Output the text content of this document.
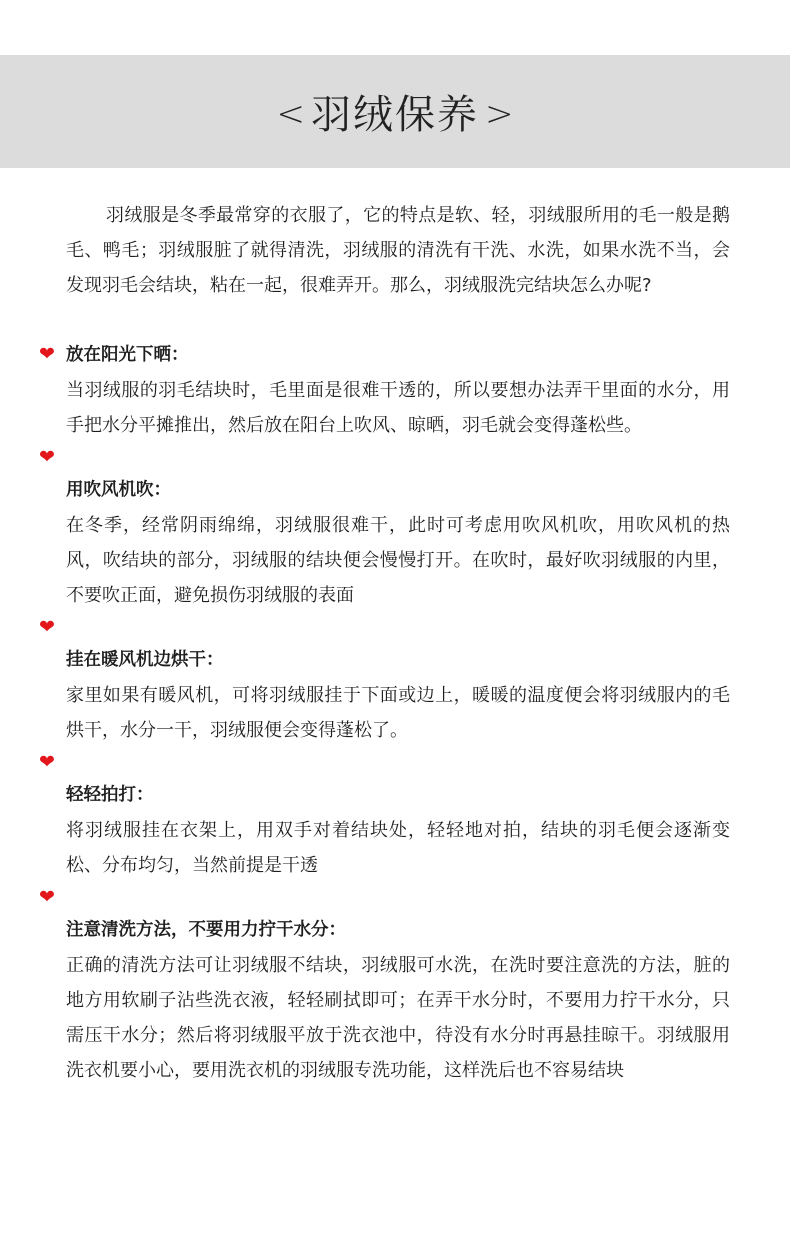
< 羽绒保养 >

羽绒服是冬季最常穿的衣服了，它的特点是软、轻，羽绒服所用的毛一般是鹅毛、鸭毛；羽绒服脏了就得清洗，羽绒服的清洗有干洗、水洗，如果水洗不当，会发现羽毛会结块，粘在一起，很难弄开。那么，羽绒服洗完结块怎么办呢?

❤ 放在阳光下晒：

当羽绒服的羽毛结块时，毛里面是很难干透的，所以要想办法弄干里面的水分，用手把水分平摊推出，然后放在阳台上吹风、晾晒，羽毛就会变得蓬松些。

❤

用吹风机吹：

在冬季，经常阴雨绵绵，羽绒服很难干，此时可考虑用吹风机吹，用吹风机的热风，吹结块的部分，羽绒服的结块便会慢慢打开。在吹时，最好吹羽绒服的内里， 不要吹正面，避免损伤羽绒服的表面

❤

挂在暖风机边烘干：

家里如果有暖风机，可将羽绒服挂于下面或边上，暖暖的温度便会将羽绒服内的毛烘干，水分一干，羽绒服便会变得蓬松了。

❤

轻轻拍打：

将羽绒服挂在衣架上，用双手对着结块处，轻轻地对拍，结块的羽毛便会逐渐变松、分布均匀，当然前提是干透

❤

注意清洗方法，不要用力拧干水分：

正确的清洗方法可让羽绒服不结块，羽绒服可水洗，在洗时要注意洗的方法，脏的地方用软刷子沾些洗衣液，轻轻刷拭即可；在弄干水分时，不要用力拧干水分，只需压干水分；然后将羽绒服平放于洗衣池中，待没有水分时再悬挂晾干。羽绒服用洗衣机要小心，要用洗衣机的羽绒服专洗功能，这样洗后也不容易结块
